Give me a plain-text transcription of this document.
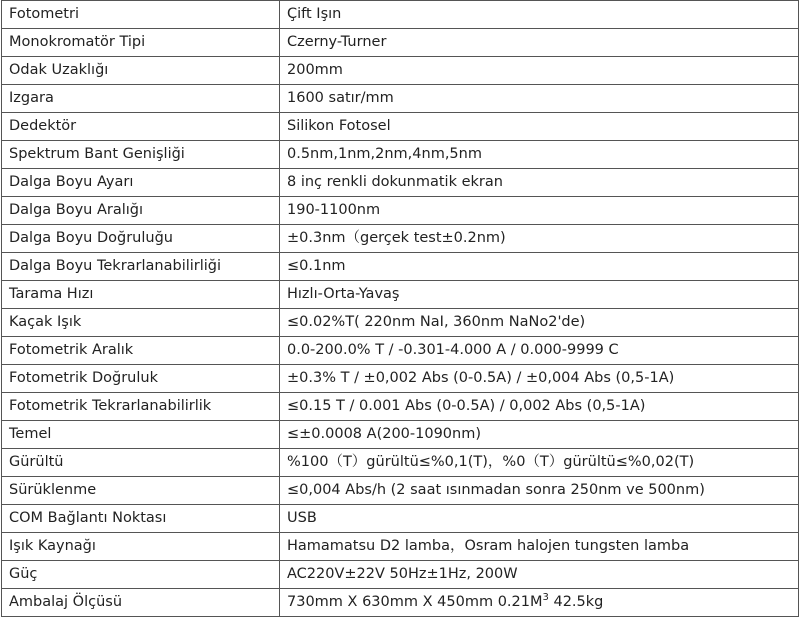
Fotometri	Çift Işın
Monokromatör Tipi	Czerny-Turner
Odak Uzaklığı	200mm
Izgara	1600 satır/mm
Dedektör	Silikon Fotosel
Spektrum Bant Genişliği	0.5nm,1nm,2nm,4nm,5nm
Dalga Boyu Ayarı	8 inç renkli dokunmatik ekran
Dalga Boyu Aralığı	190-1100nm
Dalga Boyu Doğruluğu	±0.3nm（gerçek test±0.2nm)
Dalga Boyu Tekrarlanabilirliği	≤0.1nm
Tarama Hızı	Hızlı-Orta-Yavaş
Kaçak Işık	≤0.02%T( 220nm NaI, 360nm NaNo2'de)
Fotometrik Aralık	0.0-200.0% T / -0.301-4.000 A / 0.000-9999 C
Fotometrik Doğruluk	±0.3% T / ±0,002 Abs (0-0.5A) / ±0,004 Abs (0,5-1A)
Fotometrik Tekrarlanabilirlik	≤0.15 T / 0.001 Abs (0-0.5A) / 0,002 Abs (0,5-1A)
Temel	≤±0.0008 A(200-1090nm)
Gürültü	%100（T）gürültü≤%0,1(T)，%0（T）gürültü≤%0,02(T)
Sürüklenme	≤0,004 Abs/h (2 saat ısınmadan sonra 250nm ve 500nm)
COM Bağlantı Noktası	USB
Işık Kaynağı	Hamamatsu D2 lamba，Osram halojen tungsten lamba
Güç	AC220V±22V 50Hz±1Hz, 200W
Ambalaj Ölçüsü	730mm X 630mm X 450mm $0.21M^3$ 42.5kg
